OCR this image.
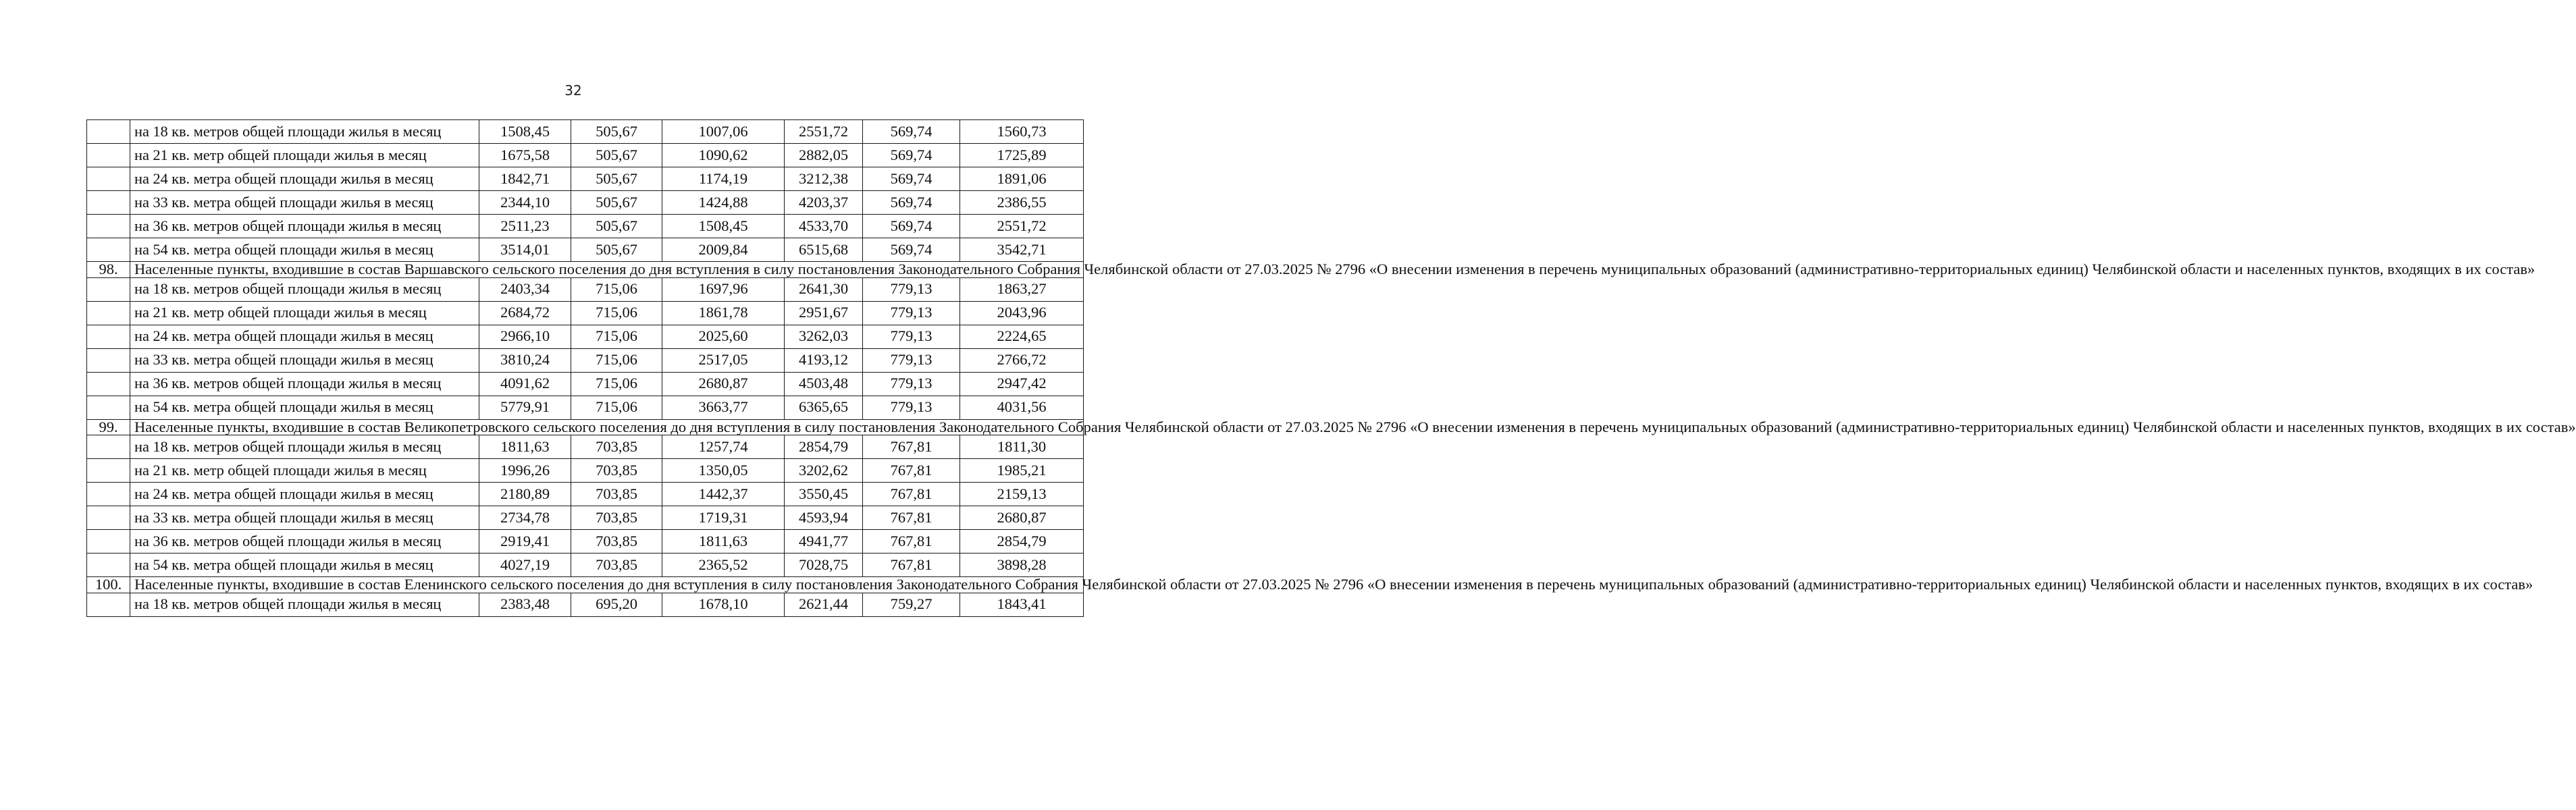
32
	на 18 кв. метров общей площади жилья в месяц	1508,45	505,67	1007,06	2551,72	569,74	1560,73
	на 21 кв. метр общей площади жилья в месяц	1675,58	505,67	1090,62	2882,05	569,74	1725,89
	на 24 кв. метра общей площади жилья в месяц	1842,71	505,67	1174,19	3212,38	569,74	1891,06
	на 33 кв. метра общей площади жилья в месяц	2344,10	505,67	1424,88	4203,37	569,74	2386,55
	на 36 кв. метров общей площади жилья в месяц	2511,23	505,67	1508,45	4533,70	569,74	2551,72
	на 54 кв. метра общей площади жилья в месяц	3514,01	505,67	2009,84	6515,68	569,74	3542,71
98.	Населенные пункты, входившие в состав Варшавского сельского поселения до дня вступления в силу постановления Законодательного Собрания Челябинской области от 27.03.2025 № 2796 «О внесении изменения в перечень муниципальных образований (административно-территориальных единиц) Челябинской области и населенных пунктов, входящих в их состав»						
	на 18 кв. метров общей площади жилья в месяц	2403,34	715,06	1697,96	2641,30	779,13	1863,27
	на 21 кв. метр общей площади жилья в месяц	2684,72	715,06	1861,78	2951,67	779,13	2043,96
	на 24 кв. метра общей площади жилья в месяц	2966,10	715,06	2025,60	3262,03	779,13	2224,65
	на 33 кв. метра общей площади жилья в месяц	3810,24	715,06	2517,05	4193,12	779,13	2766,72
	на 36 кв. метров общей площади жилья в месяц	4091,62	715,06	2680,87	4503,48	779,13	2947,42
	на 54 кв. метра общей площади жилья в месяц	5779,91	715,06	3663,77	6365,65	779,13	4031,56
99.	Населенные пункты, входившие в состав Великопетровского сельского поселения до дня вступления в силу постановления Законодательного Собрания Челябинской области от 27.03.2025 № 2796 «О внесении изменения в перечень муниципальных образований (административно-территориальных единиц) Челябинской области и населенных пунктов, входящих в их состав»						
	на 18 кв. метров общей площади жилья в месяц	1811,63	703,85	1257,74	2854,79	767,81	1811,30
	на 21 кв. метр общей площади жилья в месяц	1996,26	703,85	1350,05	3202,62	767,81	1985,21
	на 24 кв. метра общей площади жилья в месяц	2180,89	703,85	1442,37	3550,45	767,81	2159,13
	на 33 кв. метра общей площади жилья в месяц	2734,78	703,85	1719,31	4593,94	767,81	2680,87
	на 36 кв. метров общей площади жилья в месяц	2919,41	703,85	1811,63	4941,77	767,81	2854,79
	на 54 кв. метра общей площади жилья в месяц	4027,19	703,85	2365,52	7028,75	767,81	3898,28
100.	Населенные пункты, входившие в состав Еленинского сельского поселения до дня вступления в силу постановления Законодательного Собрания Челябинской области от 27.03.2025 № 2796 «О внесении изменения в перечень муниципальных образований (административно-территориальных единиц) Челябинской области и населенных пунктов, входящих в их состав»						
	на 18 кв. метров общей площади жилья в месяц	2383,48	695,20	1678,10	2621,44	759,27	1843,41
